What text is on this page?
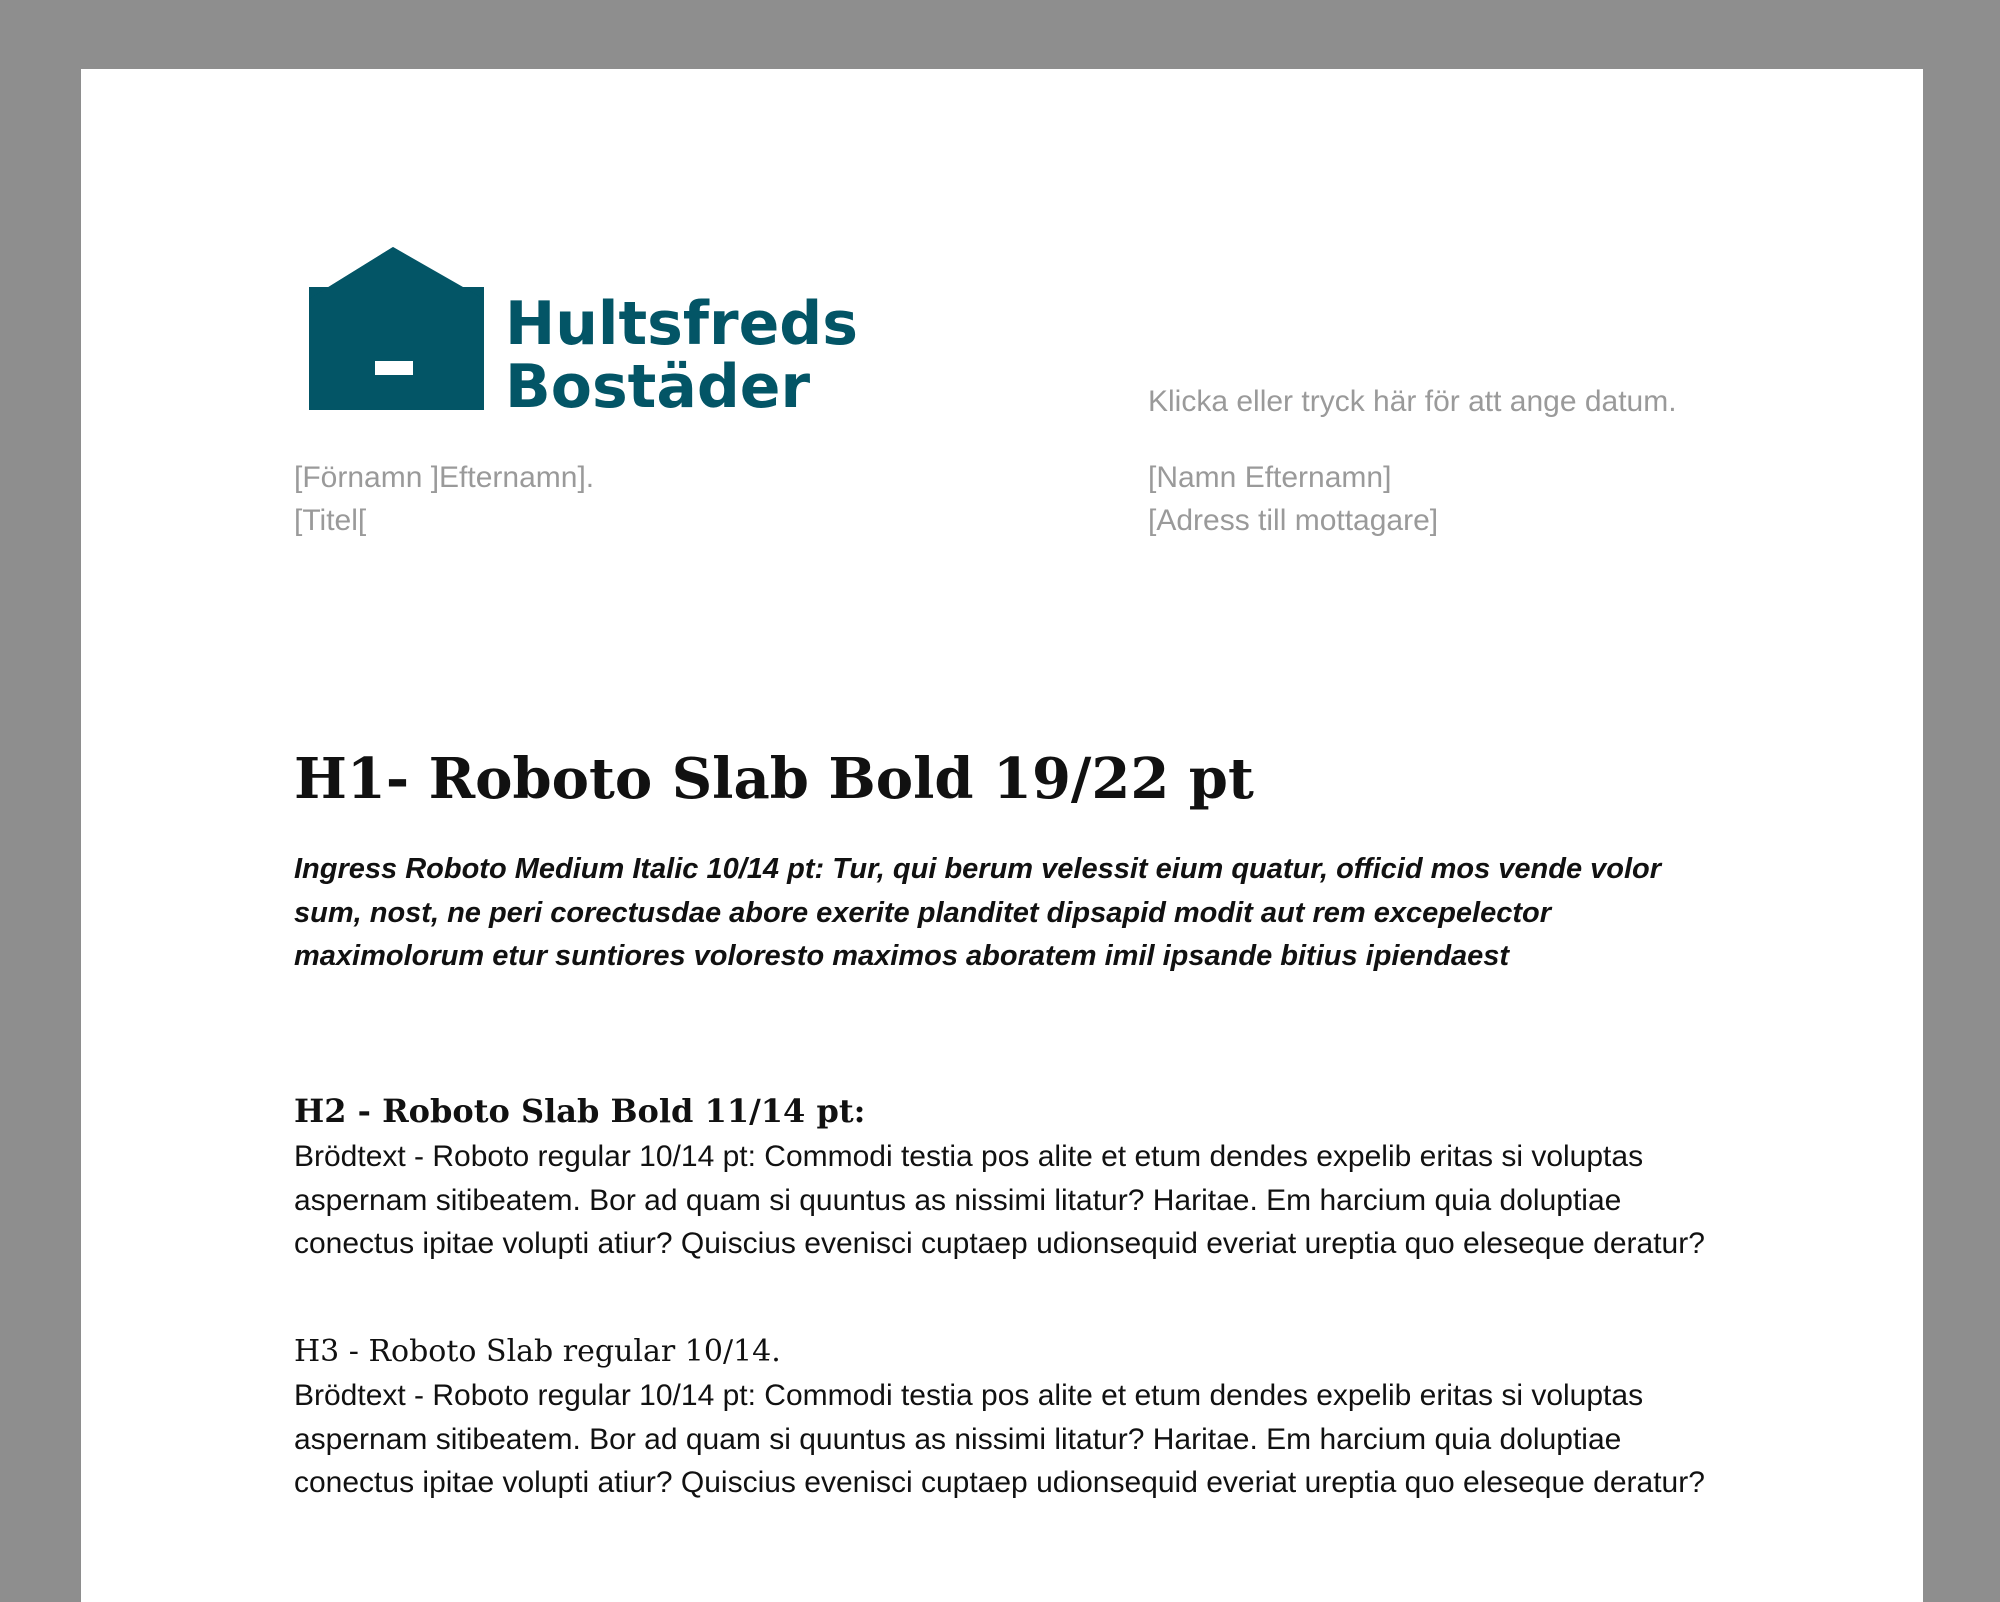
Hultsfreds
Bostäder	Klicka eller tryck här för att ange datum.
[Förnamn ]Efternamn].
[Titel[
[Namn Efternamn]
[Adress till mottagare]
H1- Roboto Slab Bold 19/22 pt

Ingress Roboto Medium Italic 10/14 pt: Tur, qui berum velessit eium quatur, officid mos vende volor sum, nost, ne peri corectusdae abore exerite planditet dipsapid modit aut rem excepelector maximolorum etur suntiores voloresto maximos aboratem imil ipsande bitius ipiendaest

H2 - Roboto Slab Bold 11/14 pt:

Brödtext - Roboto regular 10/14 pt: Commodi testia pos alite et etum dendes expelib eritas si voluptas aspernam sitibeatem. Bor ad quam si quuntus as nissimi litatur? Haritae. Em harcium quia doluptiae conectus ipitae volupti atiur? Quiscius evenisci cuptaep udionsequid everiat ureptia quo eleseque deratur?

H3 - Roboto Slab regular 10/14.

Brödtext - Roboto regular 10/14 pt: Commodi testia pos alite et etum dendes expelib eritas si voluptas aspernam sitibeatem. Bor ad quam si quuntus as nissimi litatur? Haritae. Em harcium quia doluptiae conectus ipitae volupti atiur? Quiscius evenisci cuptaep udionsequid everiat ureptia quo eleseque deratur?
